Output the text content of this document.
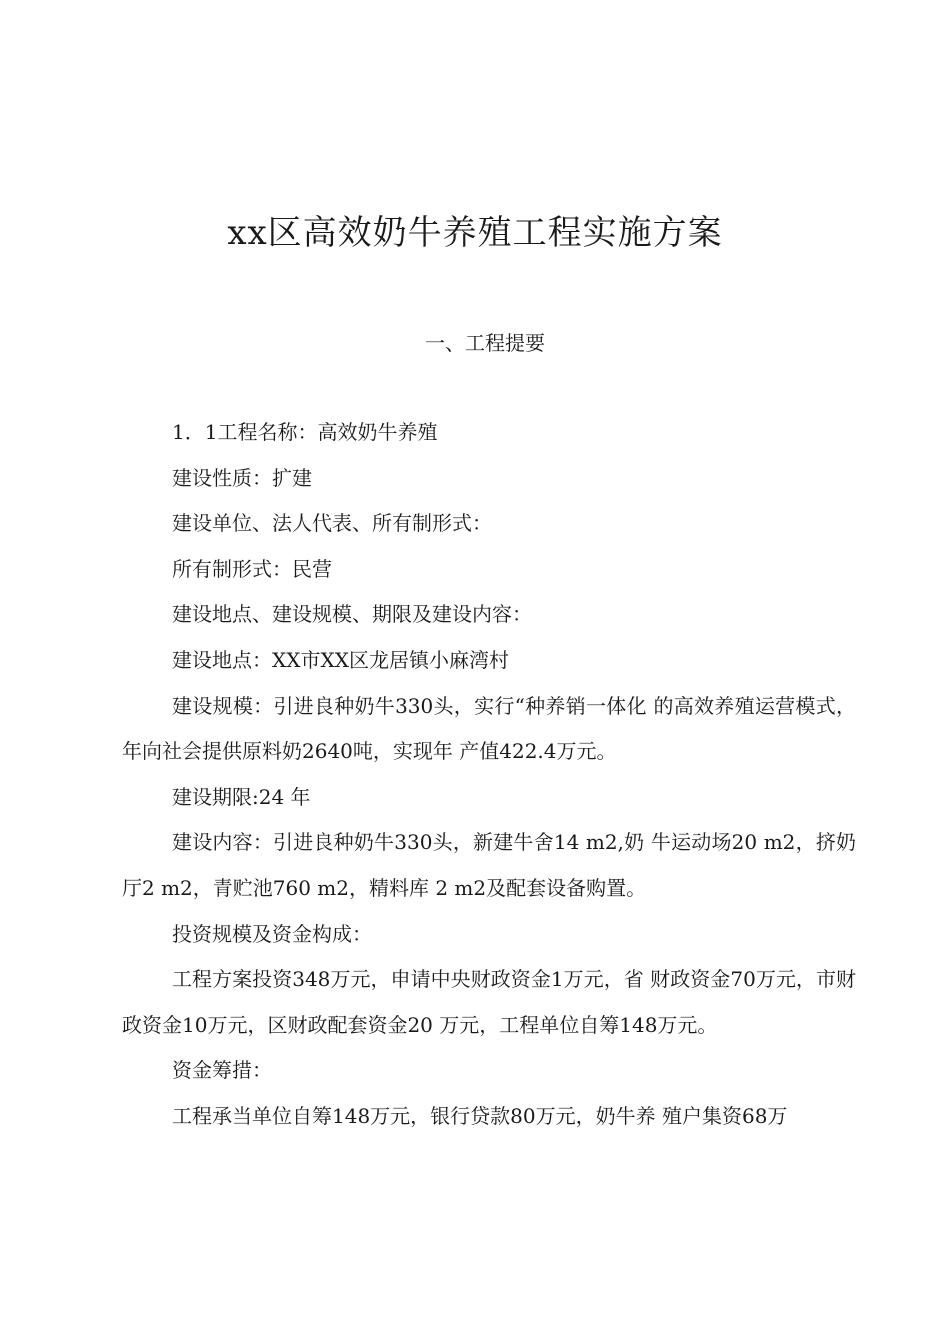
xx区高效奶牛养殖工程实施方案
一、工程提要

1．1工程名称：高效奶牛养殖

建设性质：扩建

建设单位、法人代表、所有制形式：

所有制形式：民营

建设地点、建设规模、期限及建设内容：

建设地点：XX市XX区龙居镇小麻湾村

建设规模：引进良种奶牛330头，实行“种养销一体化 的高效养殖运营模式，年向社会提供原料奶2640吨，实现年 产值422.4万元。

建设期限:24 年

建设内容：引进良种奶牛330头，新建牛舍14 m2,奶 牛运动场20 m2，挤奶厅2 m2，青贮池760 m2，精料库 2 m2及配套设备购置。

投资规模及资金构成：

工程方案投资348万元，申请中央财政资金1万元，省 财政资金70万元，市财政资金10万元，区财政配套资金20 万元，工程单位自筹148万元。

资金筹措：

工程承当单位自筹148万元，银行贷款80万元，奶牛养 殖户集资68万
